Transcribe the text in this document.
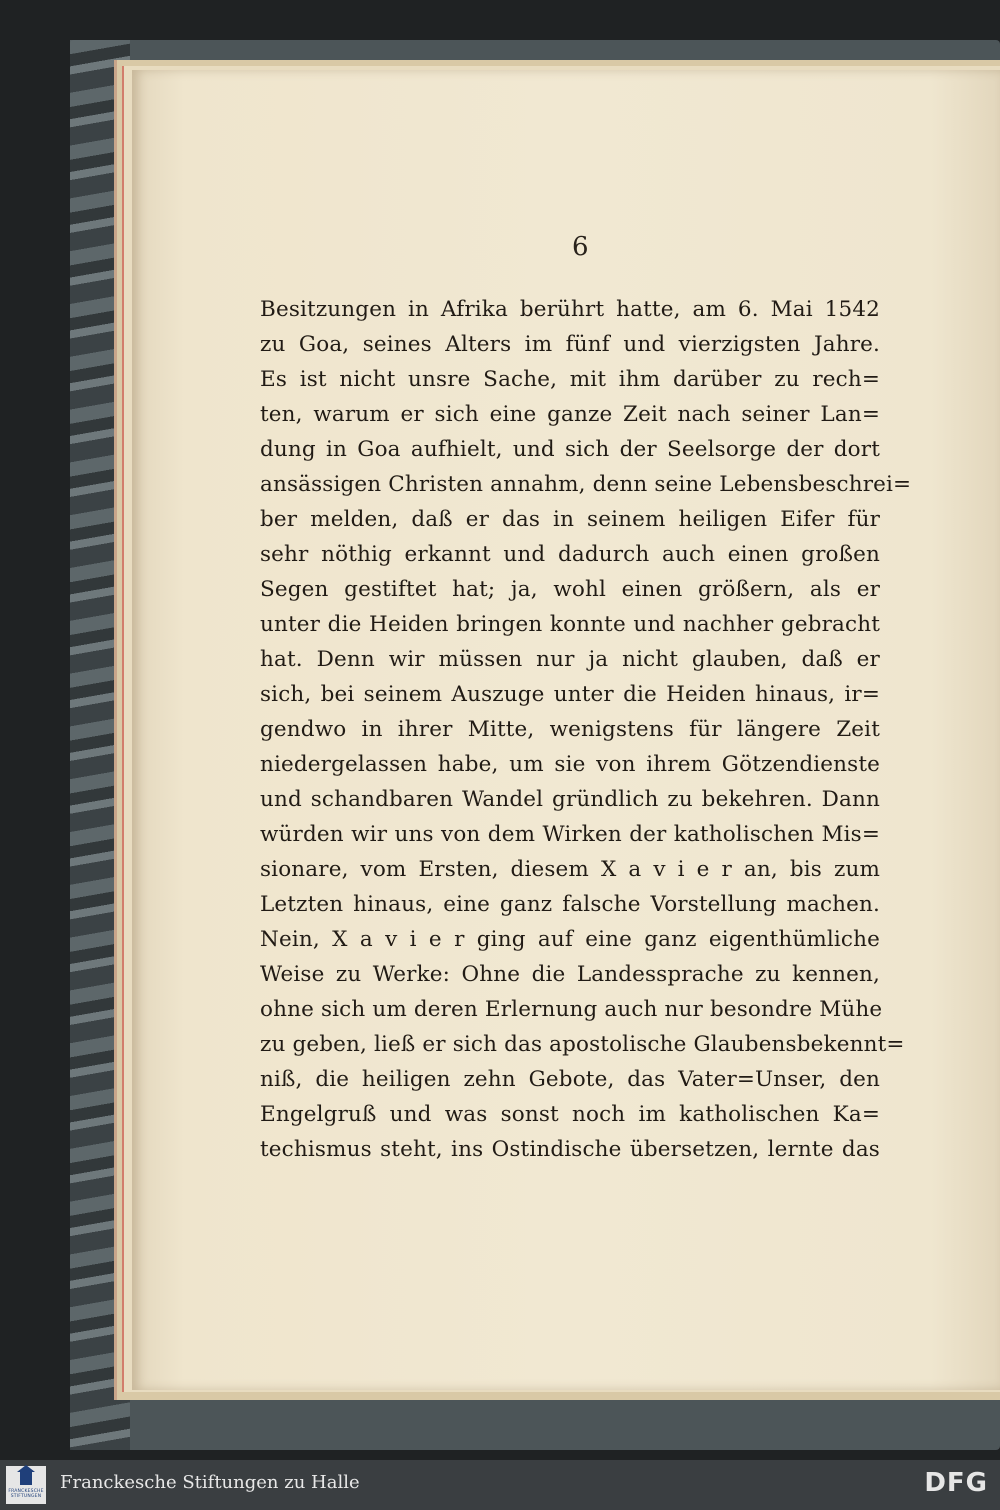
6
Besitzungen in Afrika berührt hatte, am 6. Mai 1542
zu Goa, seines Alters im fünf und vierzigsten Jahre.
Es ist nicht unsre Sache, mit ihm darüber zu rech=
ten, warum er sich eine ganze Zeit nach seiner Lan=
dung in Goa aufhielt, und sich der Seelsorge der dort
ansässigen Christen annahm, denn seine Lebensbeschrei=
ber melden, daß er das in seinem heiligen Eifer für
sehr nöthig erkannt und dadurch auch einen großen
Segen gestiftet hat; ja, wohl einen größern, als er
unter die Heiden bringen konnte und nachher gebracht
hat. Denn wir müssen nur ja nicht glauben, daß er
sich, bei seinem Auszuge unter die Heiden hinaus, ir=
gendwo in ihrer Mitte, wenigstens für längere Zeit
niedergelassen habe, um sie von ihrem Götzendienste
und schandbaren Wandel gründlich zu bekehren. Dann
würden wir uns von dem Wirken der katholischen Mis=
sionare, vom Ersten, diesem X a v i e r an, bis zum
Letzten hinaus, eine ganz falsche Vorstellung machen.
Nein, X a v i e r ging auf eine ganz eigenthümliche
Weise zu Werke: Ohne die Landessprache zu kennen,
ohne sich um deren Erlernung auch nur besondre Mühe
zu geben, ließ er sich das apostolische Glaubensbekennt=
niß, die heiligen zehn Gebote, das Vater=Unser, den
Engelgruß und was sonst noch im katholischen Ka=
techismus steht, ins Ostindische übersetzen, lernte das
FRANCKESCHE
STIFTUNGEN
Franckesche Stiftungen zu Halle	DFG
